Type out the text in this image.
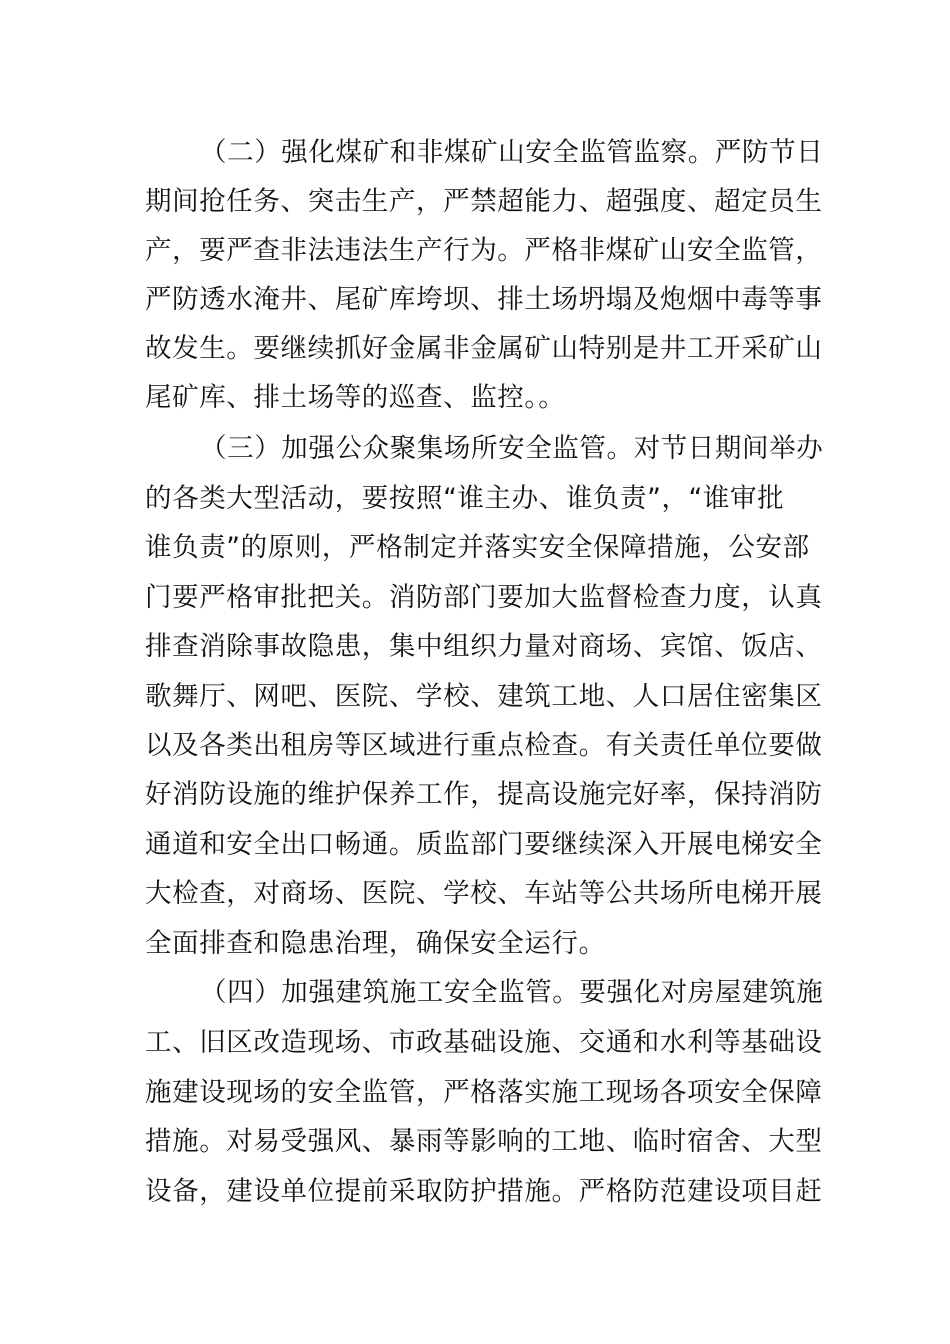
（二）强化煤矿和非煤矿山安全监管监察。严防节日
期间抢任务、突击生产，严禁超能力、超强度、超定员生
产，要严查非法违法生产行为。严格非煤矿山安全监管，
严防透水淹井、尾矿库垮坝、排土场坍塌及炮烟中毒等事
故发生。要继续抓好金属非金属矿山特别是井工开采矿山
尾矿库、排土场等的巡查、监控。。
（三）加强公众聚集场所安全监管。对节日期间举办
的各类大型活动，要按照“谁主办、谁负责”，“谁审批
谁负责”的原则，严格制定并落实安全保障措施，公安部
门要严格审批把关。消防部门要加大监督检查力度，认真
排查消除事故隐患，集中组织力量对商场、宾馆、饭店、
歌舞厅、网吧、医院、学校、建筑工地、人口居住密集区
以及各类出租房等区域进行重点检查。有关责任单位要做
好消防设施的维护保养工作，提高设施完好率，保持消防
通道和安全出口畅通。质监部门要继续深入开展电梯安全
大检查，对商场、医院、学校、车站等公共场所电梯开展
全面排查和隐患治理，确保安全运行。
（四）加强建筑施工安全监管。要强化对房屋建筑施
工、旧区改造现场、市政基础设施、交通和水利等基础设
施建设现场的安全监管，严格落实施工现场各项安全保障
措施。对易受强风、暴雨等影响的工地、临时宿舍、大型
设备，建设单位提前采取防护措施。严格防范建设项目赶
